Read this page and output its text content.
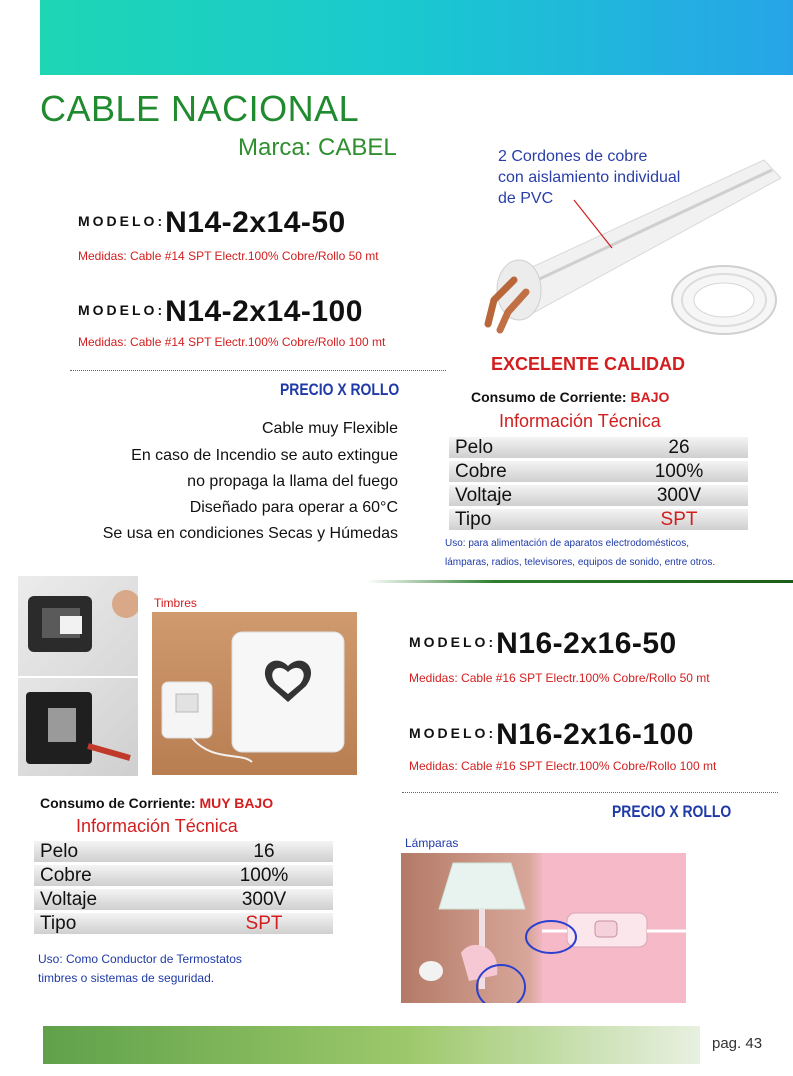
CABLE NACIONAL
Marca: CABEL
MODELO:N14-2x14-50
Medidas: Cable #14 SPT Electr.100% Cobre/Rollo 50 mt
MODELO:N14-2x14-100
Medidas: Cable #14 SPT Electr.100% Cobre/Rollo 100 mt
PRECIO X ROLLO
Cable muy Flexible
En caso de Incendio se auto extingue
no propaga la llama del fuego
Diseñado para operar a 60°C
Se usa en condiciones Secas y Húmedas
2 Cordones de cobre
con aislamiento individual
de PVC
EXCELENTE CALIDAD
Consumo de Corriente: BAJO
Información Técnica
Pelo	26
Cobre	100%
Voltaje	300V
Tipo	SPT
Uso: para alimentación de aparatos electrodomésticos,
lámparas, radios, televisores, equipos de sonido, entre otros.
Timbres
MODELO:N16-2x16-50
Medidas: Cable #16 SPT Electr.100% Cobre/Rollo 50 mt
MODELO:N16-2x16-100
Medidas: Cable #16 SPT Electr.100% Cobre/Rollo 100 mt
PRECIO X ROLLO
Consumo de Corriente: MUY BAJO
Información Técnica
Pelo	16
Cobre	100%
Voltaje	300V
Tipo	SPT
Uso: Como Conductor de Termostatos
timbres o sistemas de seguridad.
Lámparas
pag. 43
